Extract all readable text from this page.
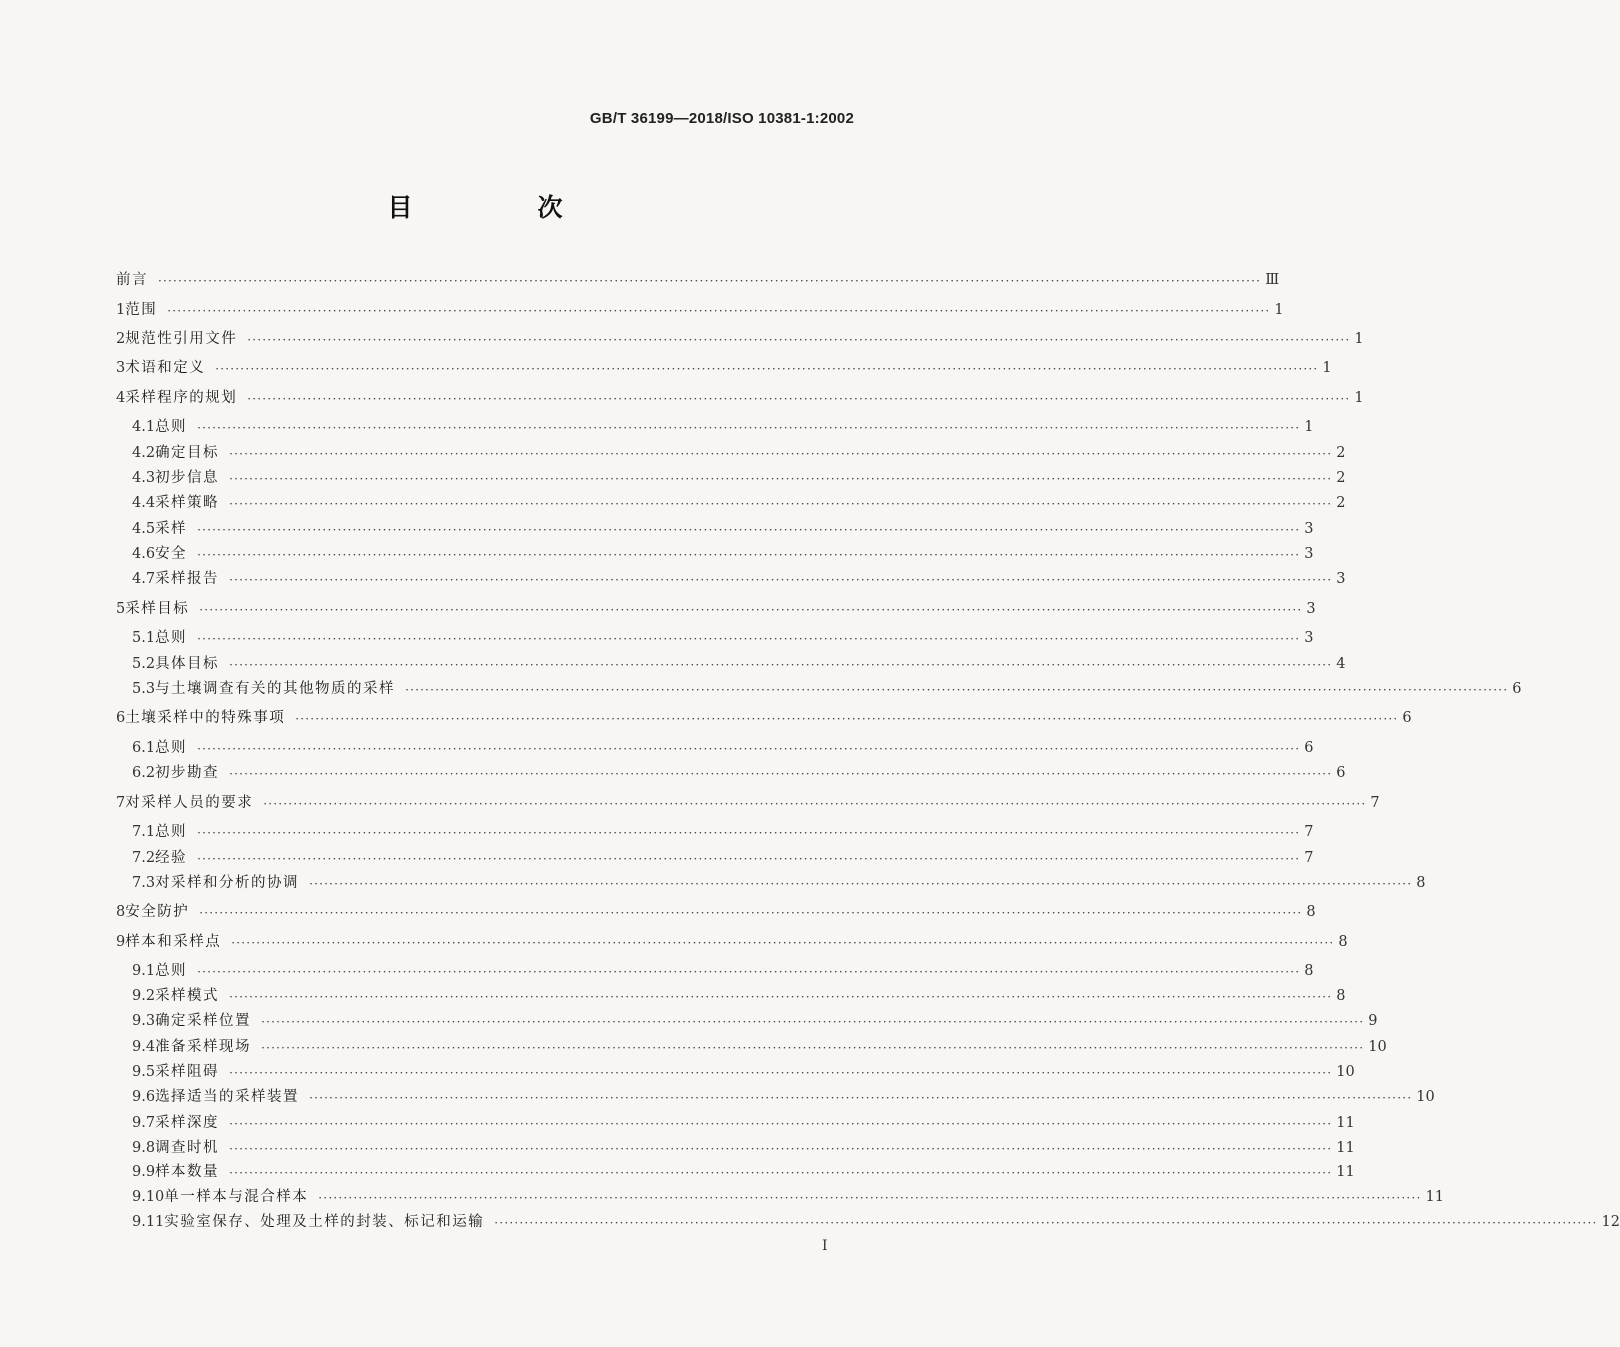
GB/T 36199—2018/ISO 10381-1:2002
目　次
前言 ···························································································································································································································· Ⅲ
1 范围 ···························································································································································································································· 1
2 规范性引用文件 ···························································································································································································································· 1
3 术语和定义 ···························································································································································································································· 1
4 采样程序的规划 ···························································································································································································································· 1
4.1 总则 ···························································································································································································································· 1
4.2 确定目标 ···························································································································································································································· 2
4.3 初步信息 ···························································································································································································································· 2
4.4 采样策略 ···························································································································································································································· 2
4.5 采样 ···························································································································································································································· 3
4.6 安全 ···························································································································································································································· 3
4.7 采样报告 ···························································································································································································································· 3
5 采样目标 ···························································································································································································································· 3
5.1 总则 ···························································································································································································································· 3
5.2 具体目标 ···························································································································································································································· 4
5.3 与土壤调查有关的其他物质的采样 ···························································································································································································································· 6
6 土壤采样中的特殊事项 ···························································································································································································································· 6
6.1 总则 ···························································································································································································································· 6
6.2 初步勘查 ···························································································································································································································· 6
7 对采样人员的要求 ···························································································································································································································· 7
7.1 总则 ···························································································································································································································· 7
7.2 经验 ···························································································································································································································· 7
7.3 对采样和分析的协调 ···························································································································································································································· 8
8 安全防护 ···························································································································································································································· 8
9 样本和采样点 ···························································································································································································································· 8
9.1 总则 ···························································································································································································································· 8
9.2 采样模式 ···························································································································································································································· 8
9.3 确定采样位置 ···························································································································································································································· 9
9.4 准备采样现场 ···························································································································································································································· 10
9.5 采样阻碍 ···························································································································································································································· 10
9.6 选择适当的采样装置 ···························································································································································································································· 10
9.7 采样深度 ···························································································································································································································· 11
9.8 调查时机 ···························································································································································································································· 11
9.9 样本数量 ···························································································································································································································· 11
9.10 单一样本与混合样本 ···························································································································································································································· 11
9.11 实验室保存、处理及土样的封装、标记和运输 ···························································································································································································································· 12
I
